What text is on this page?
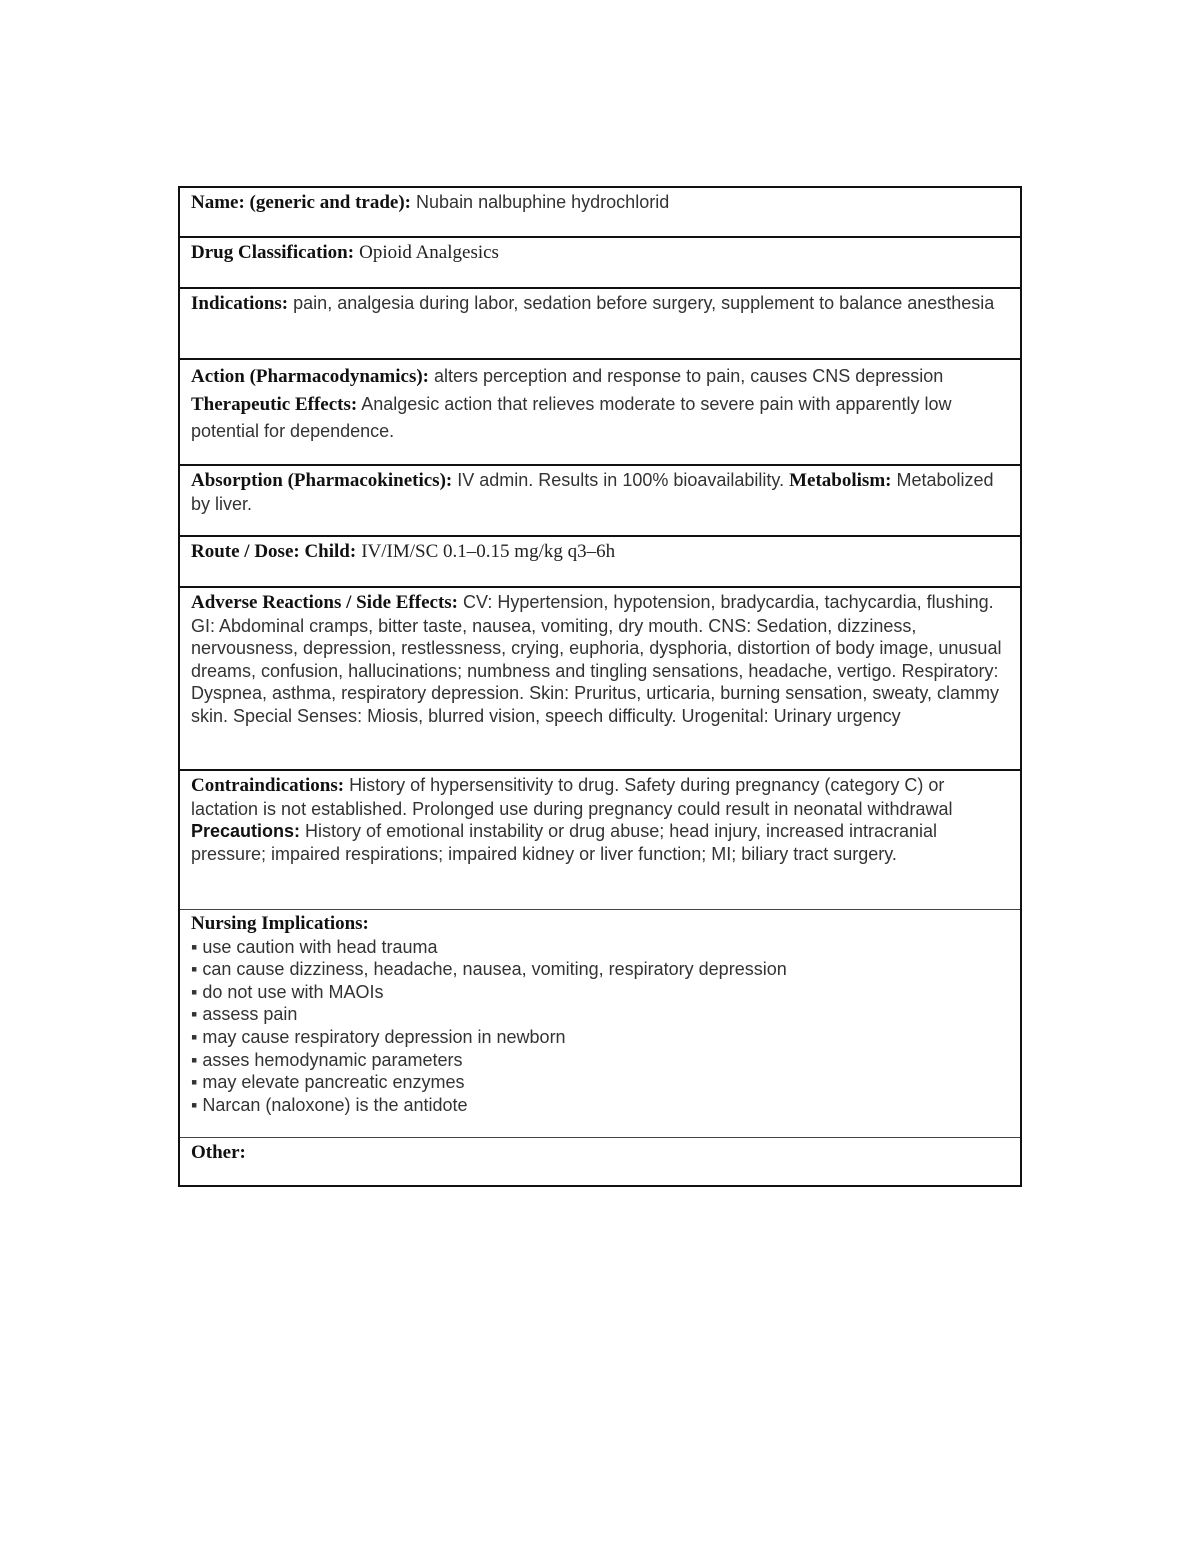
Name: (generic and trade): Nubain nalbuphine hydrochlorid
Drug Classification: Opioid Analgesics
Indications: pain, analgesia during labor, sedation before surgery, supplement to balance anesthesia
Action (Pharmacodynamics): alters perception and response to pain, causes CNS depression Therapeutic Effects: Analgesic action that relieves moderate to severe pain with apparently low potential for dependence.
Absorption (Pharmacokinetics): IV admin. Results in 100% bioavailability. Metabolism: Metabolized by liver.
Route / Dose: Child: IV/IM/SC 0.1–0.15 mg/kg q3–6h
Adverse Reactions / Side Effects: CV: Hypertension, hypotension, bradycardia, tachycardia, flushing. GI: Abdominal cramps, bitter taste, nausea, vomiting, dry mouth. CNS: Sedation, dizziness, nervousness, depression, restlessness, crying, euphoria, dysphoria, distortion of body image, unusual dreams, confusion, hallucinations; numbness and tingling sensations, headache, vertigo. Respiratory: Dyspnea, asthma, respiratory depression. Skin: Pruritus, urticaria, burning sensation, sweaty, clammy skin. Special Senses: Miosis, blurred vision, speech difficulty. Urogenital: Urinary urgency
Contraindications: History of hypersensitivity to drug. Safety during pregnancy (category C) or lactation is not established. Prolonged use during pregnancy could result in neonatal withdrawal Precautions: History of emotional instability or drug abuse; head injury, increased intracranial pressure; impaired respirations; impaired kidney or liver function; MI; biliary tract surgery.
Nursing Implications:
▪ use caution with head trauma
▪ can cause dizziness, headache, nausea, vomiting, respiratory depression
▪ do not use with MAOIs
▪ assess pain
▪ may cause respiratory depression in newborn
▪ asses hemodynamic parameters
▪ may elevate pancreatic enzymes
▪ Narcan (naloxone) is the antidote
Other:
